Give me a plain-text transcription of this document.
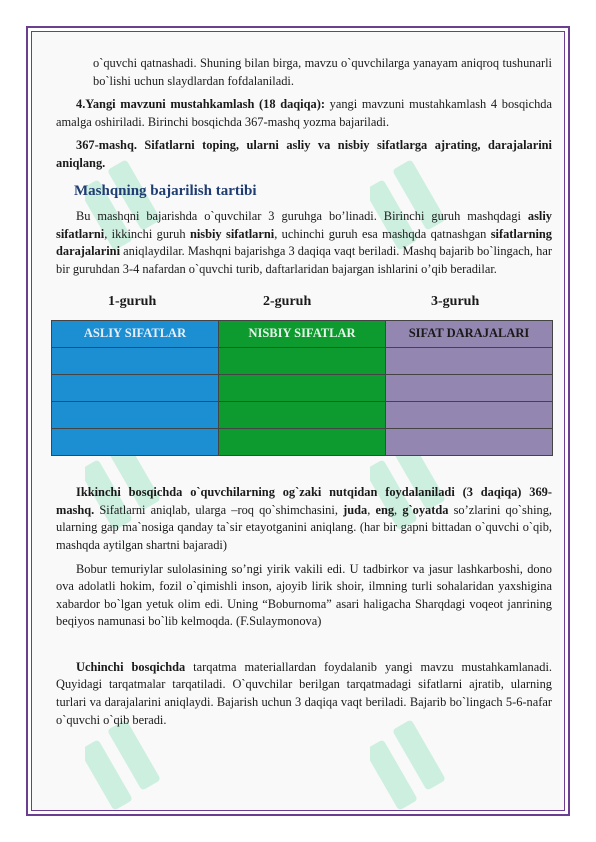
o`quvchi qatnashadi. Shuning bilan birga, mavzu o`quvchilarga yanayam aniqroq tushunarli bo`lishi uchun slaydlardan fofdalaniladi.

4.Yangi mavzuni mustahkamlash (18 daqiqa): yangi mavzuni mustahkamlash 4 bosqichda amalga oshiriladi. Birinchi bosqichda 367-mashq yozma bajariladi.

367-mashq. Sifatlarni toping, ularni asliy va nisbiy sifatlarga ajrating, darajalarini aniqlang.

Mashqning bajarilish tartibi

Bu mashqni bajarishda o`quvchilar 3 guruhga bo’linadi. Birinchi guruh mashqdagi asliy sifatlarni, ikkinchi guruh nisbiy sifatlarni, uchinchi guruh esa mashqda qatnashgan sifatlarning darajalarini aniqlaydilar. Mashqni bajarishga 3 daqiqa vaqt beriladi. Mashq bajarib bo`lingach, har bir guruhdan 3-4 nafardan o`quvchi turib, daftarlaridan bajargan ishlarini o’qib beradilar.

1-guruh	2-guruh	3-guruh
ASLIY SIFATLAR	NISBIY SIFATLAR	SIFAT DARAJALARI

Ikkinchi bosqichda o`quvchilarning og`zaki nutqidan foydalaniladi (3 daqiqa) 369-mashq. Sifatlarni aniqlab, ularga –roq qo`shimchasini, juda, eng, g`oyatda so’zlarini qo`shing, ularning gap ma`nosiga qanday ta`sir etayotganini aniqlang. (har bir gapni bittadan o`quvchi o`qib, mashqda aytilgan shartni bajaradi)

Bobur temuriylar sulolasining so’ngi yirik vakili edi. U tadbirkor va jasur lashkarboshi, dono ova adolatli hokim, fozil o`qimishli inson, ajoyib lirik shoir, ilmning turli sohalaridan yaxshigina xabardor bo`lgan yetuk olim edi. Uning “Boburnoma” asari haligacha Sharqdagi voqeot janrining beqiyos namunasi bo`lib kelmoqda. (F.Sulaymonova)

Uchinchi bosqichda tarqatma materiallardan foydalanib yangi mavzu mustahkamlanadi. Quyidagi tarqatmalar tarqatiladi. O`quvchilar berilgan tarqatmadagi sifatlarni ajratib, ularning turlari va darajalarini aniqlaydi. Bajarish uchun 3 daqiqa vaqt beriladi. Bajarib bo`lingach 5-6-nafar o`quvchi o`qib beradi.
